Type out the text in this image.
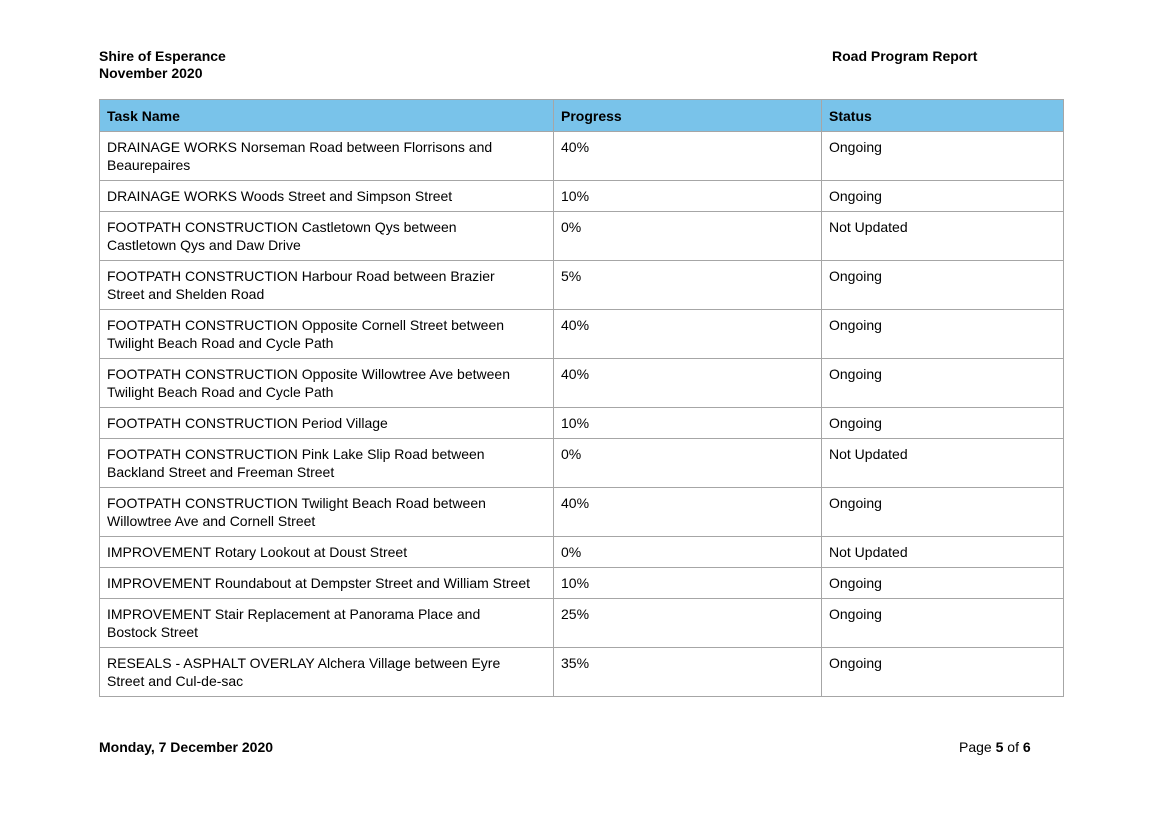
Shire of Esperance
November 2020
Road Program Report
Task Name	Progress	Status
DRAINAGE WORKS Norseman Road between Florrisons and
Beaurepaires	40%	Ongoing
DRAINAGE WORKS Woods Street and Simpson Street	10%	Ongoing
FOOTPATH CONSTRUCTION Castletown Qys between
Castletown Qys and Daw Drive	0%	Not Updated
FOOTPATH CONSTRUCTION Harbour Road between Brazier
Street and Shelden Road	5%	Ongoing
FOOTPATH CONSTRUCTION Opposite Cornell Street between
Twilight Beach Road and Cycle Path	40%	Ongoing
FOOTPATH CONSTRUCTION Opposite Willowtree Ave between
Twilight Beach Road and Cycle Path	40%	Ongoing
FOOTPATH CONSTRUCTION Period Village	10%	Ongoing
FOOTPATH CONSTRUCTION Pink Lake Slip Road between
Backland Street and Freeman Street	0%	Not Updated
FOOTPATH CONSTRUCTION Twilight Beach Road between
Willowtree Ave and Cornell Street	40%	Ongoing
IMPROVEMENT Rotary Lookout at Doust Street	0%	Not Updated
IMPROVEMENT Roundabout at Dempster Street and William Street	10%	Ongoing
IMPROVEMENT Stair Replacement at Panorama Place and
Bostock Street	25%	Ongoing
RESEALS - ASPHALT OVERLAY Alchera Village between Eyre
Street and Cul-de-sac	35%	Ongoing
Monday, 7 December 2020	Page 5 of 6
